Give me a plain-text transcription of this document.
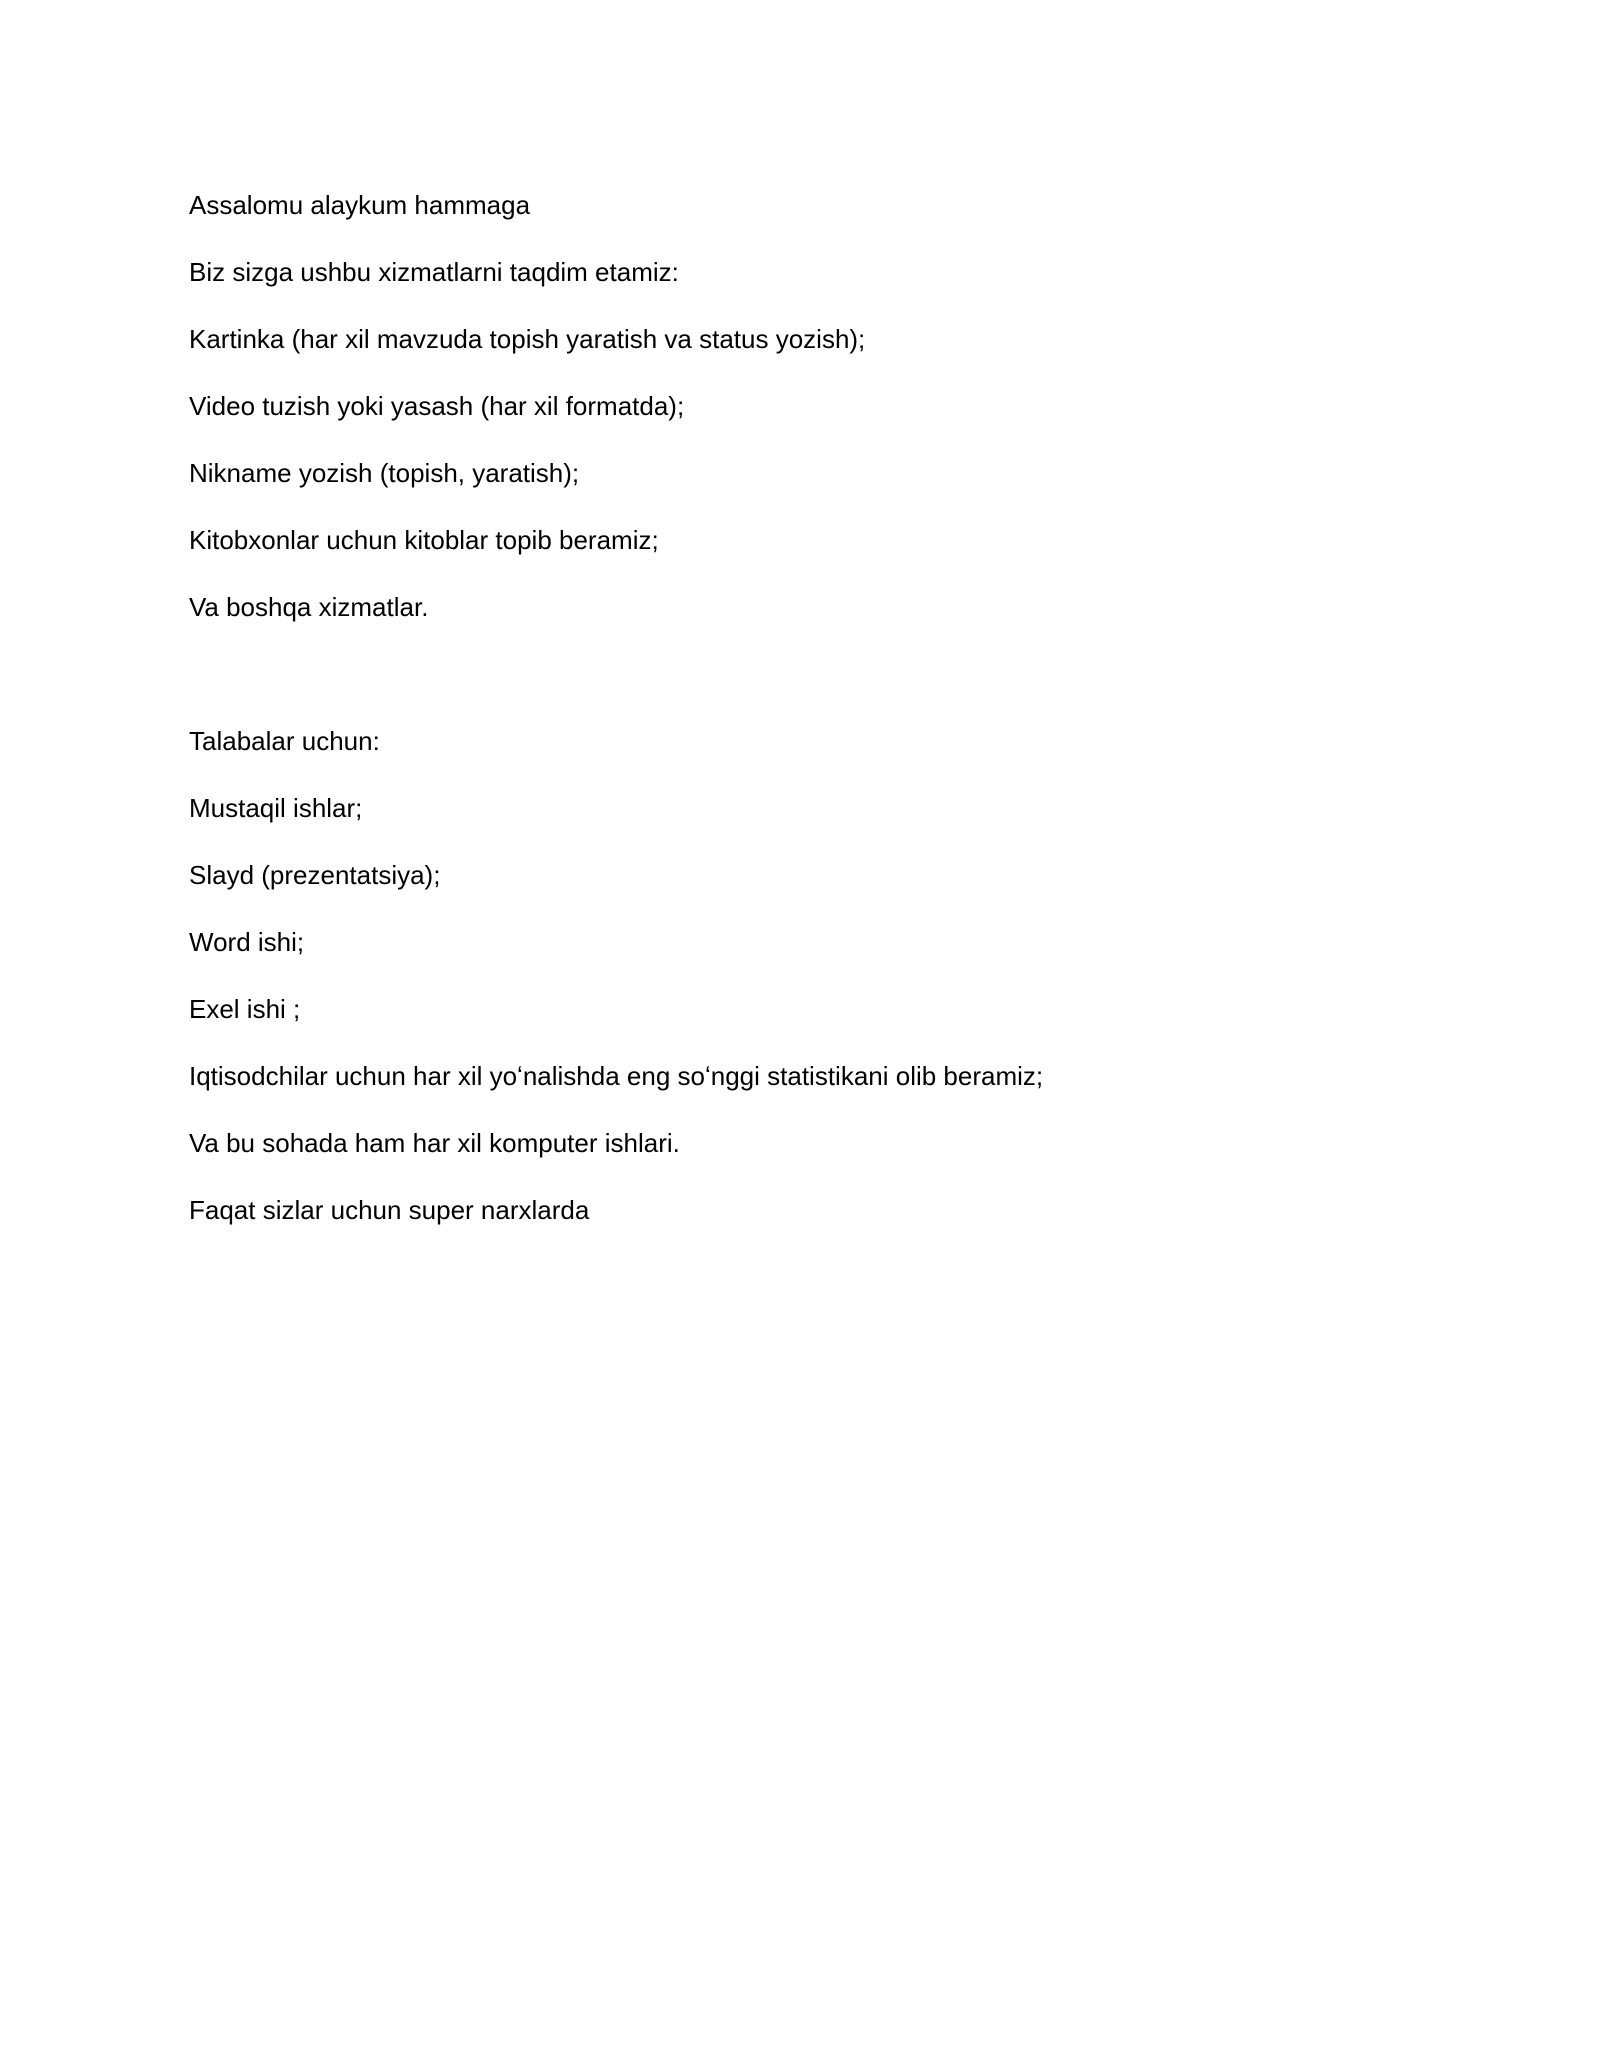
Assalomu alaykum hammaga

Biz sizga ushbu xizmatlarni taqdim etamiz:

Kartinka (har xil mavzuda topish yaratish va status yozish);

Video tuzish yoki yasash (har xil formatda);

Nikname yozish (topish, yaratish);

Kitobxonlar uchun kitoblar topib beramiz;

Va boshqa xizmatlar.

Talabalar uchun:

Mustaqil ishlar;

Slayd (prezentatsiya);

Word ishi;

Exel ishi ;

Iqtisodchilar uchun har xil yoʻnalishda eng soʻnggi statistikani olib beramiz;

Va bu sohada ham har xil komputer ishlari.

Faqat sizlar uchun super narxlarda
